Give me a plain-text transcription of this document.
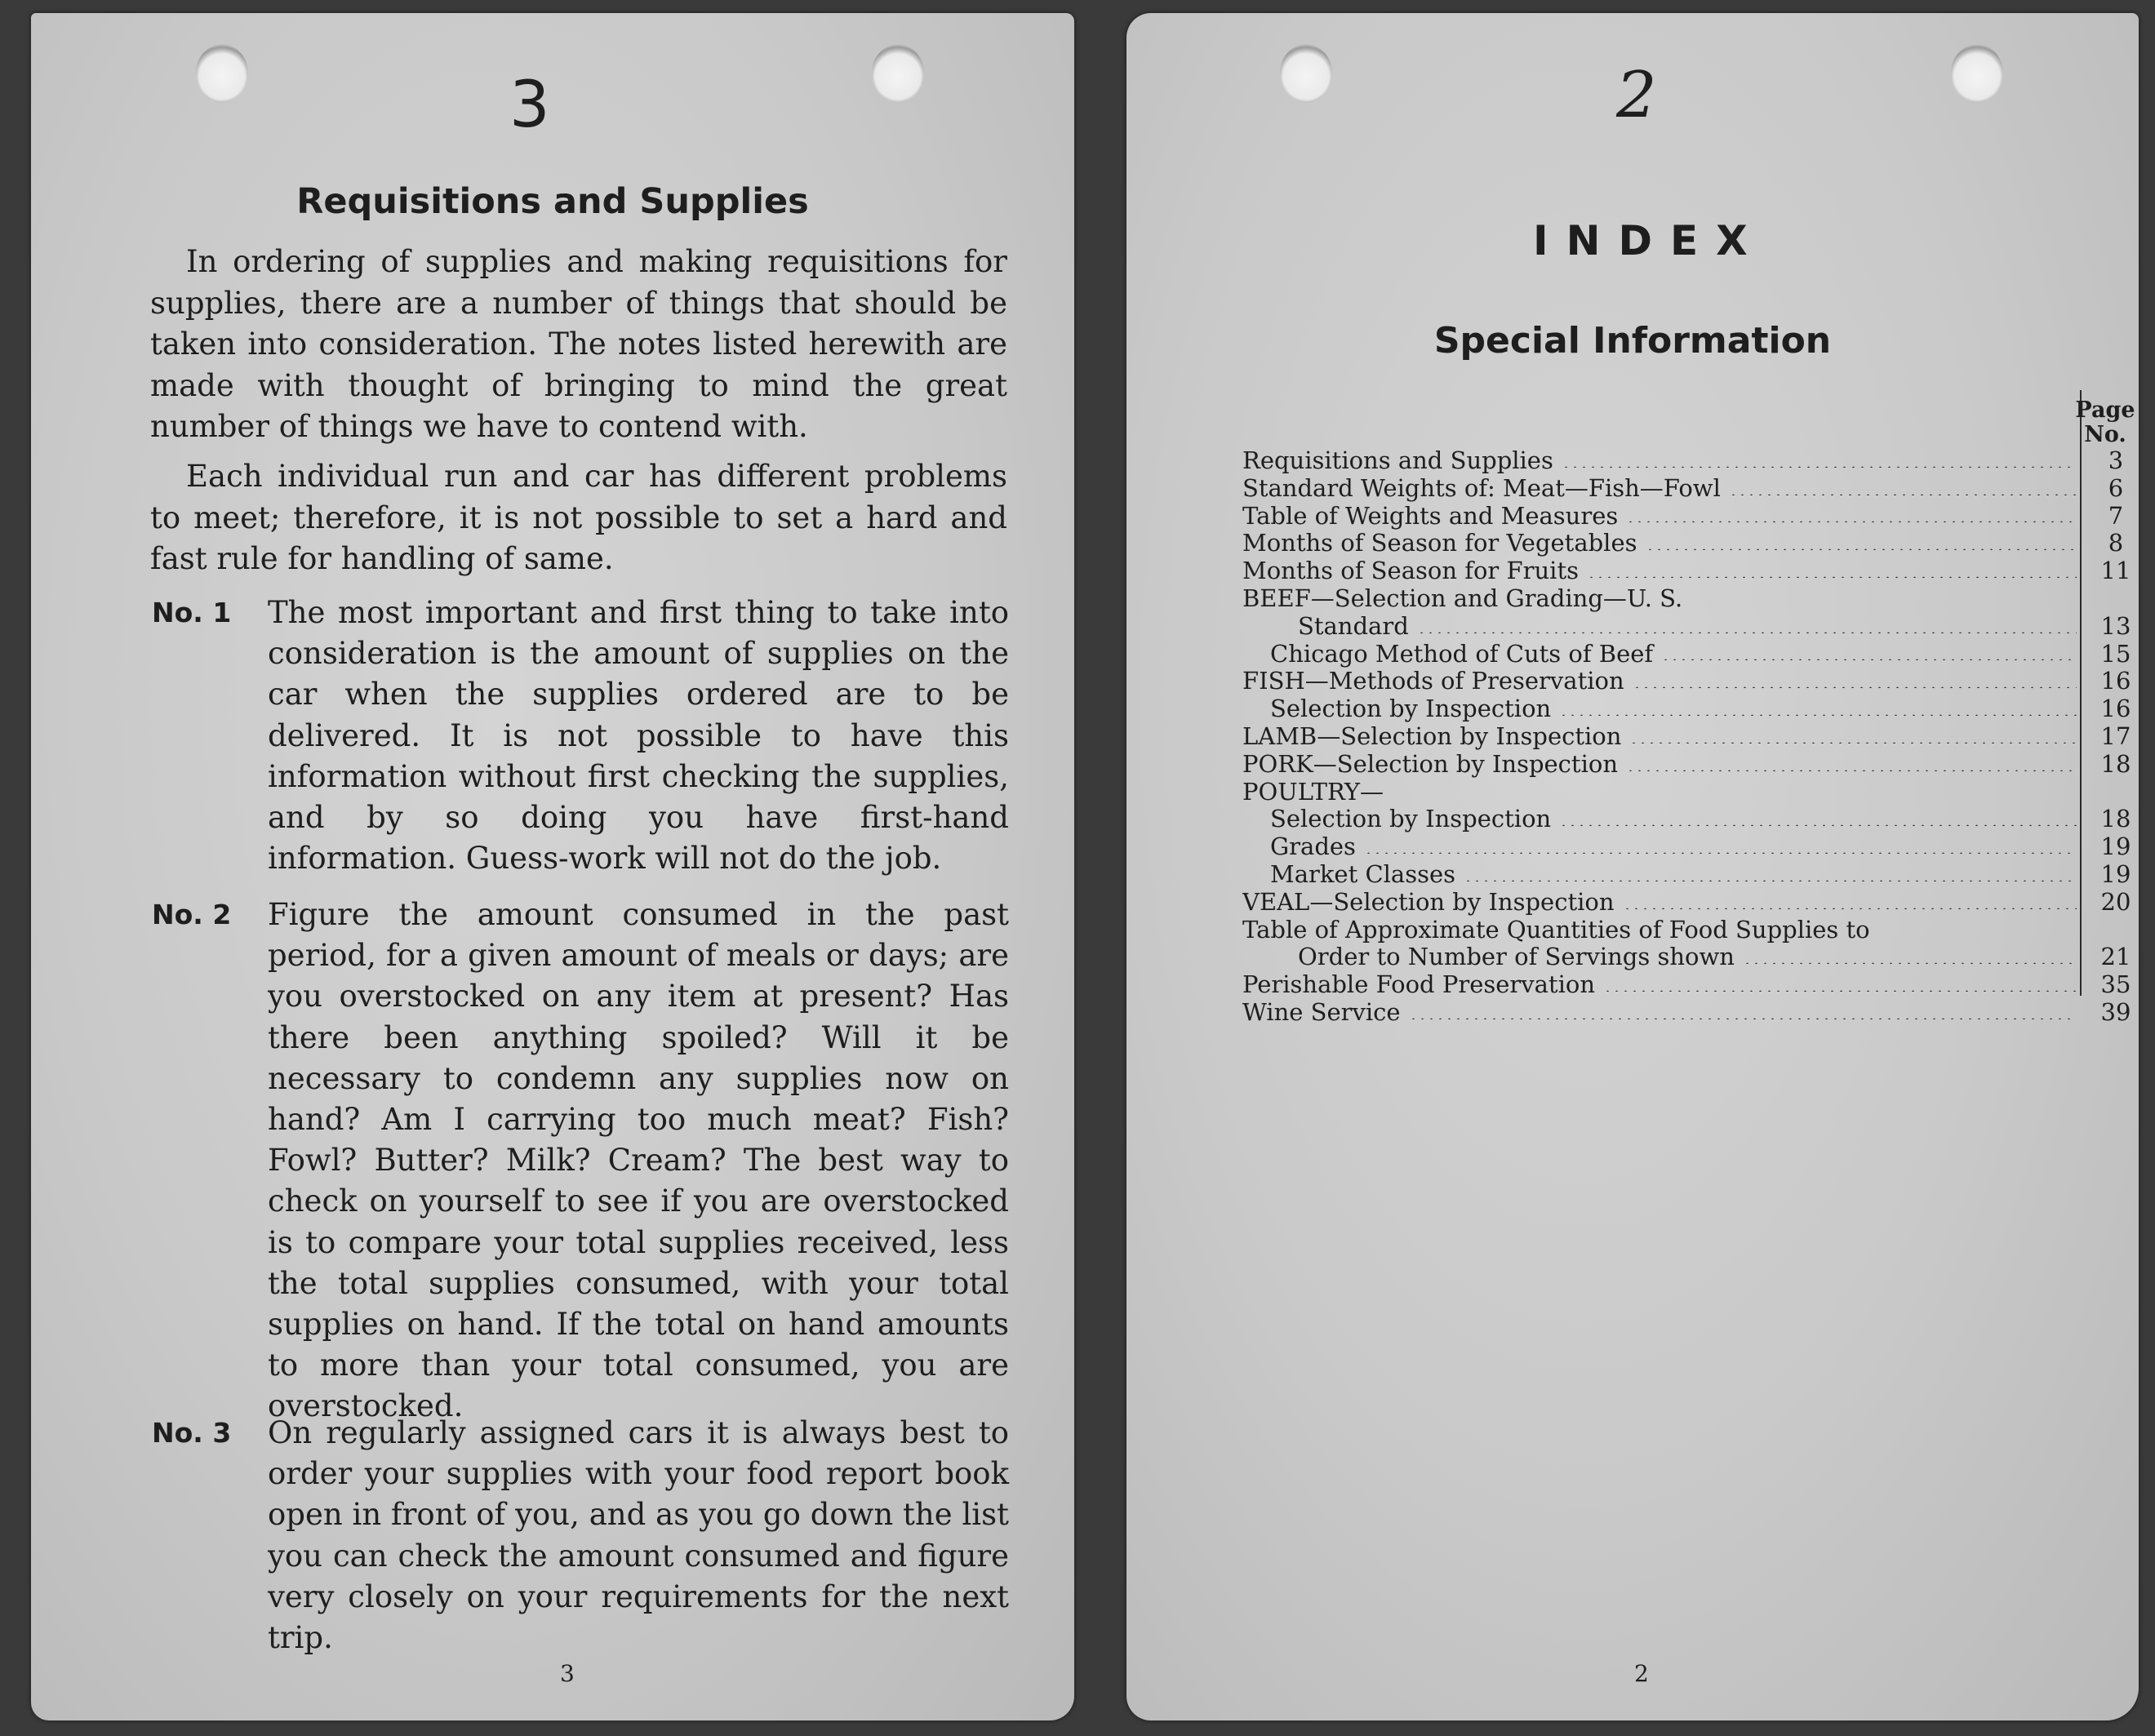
3
Requisitions and Supplies

In ordering of supplies and making requisitions for supplies, there are a number of things that should be taken into consideration. The notes listed herewith are made with thought of bringing to mind the great number of things we have to contend with.

Each individual run and car has different problems to meet; therefore, it is not possible to set a hard and fast rule for handling of same.

No. 1 The most important and first thing to take into consideration is the amount of supplies on the car when the supplies ordered are to be delivered. It is not possible to have this information without first checking the supplies, and by so doing you have first-hand information. Guess-work will not do the job.
No. 2 Figure the amount consumed in the past period, for a given amount of meals or days; are you overstocked on any item at present? Has there been anything spoiled? Will it be necessary to condemn any supplies now on hand? Am I carrying too much meat? Fish? Fowl? Butter? Milk? Cream? The best way to check on yourself to see if you are overstocked is to compare your total supplies received, less the total supplies consumed, with your total supplies on hand. If the total on hand amounts to more than your total consumed, you are overstocked.
No. 3 On regularly assigned cars it is always best to order your supplies with your food report book open in front of you, and as you go down the list you can check the amount consumed and figure very closely on your requirements for the next trip.
3
2
INDEX
Special Information
Page
No.
Requisitions and Supplies
Standard Weights of: Meat—Fish—Fowl
Table of Weights and Measures
Months of Season for Vegetables
Months of Season for Fruits
BEEF—Selection and Grading—U. S.
Standard
Chicago Method of Cuts of Beef
FISH—Methods of Preservation
Selection by Inspection
LAMB—Selection by Inspection
PORK—Selection by Inspection
POULTRY—
Selection by Inspection
Grades
Market Classes
VEAL—Selection by Inspection
Table of Approximate Quantities of Food Supplies to
Order to Number of Servings shown
Perishable Food Preservation
Wine Service
3
6
7
8
11
13
15
16
16
17
18
18
19
19
20
21
35
39
2
